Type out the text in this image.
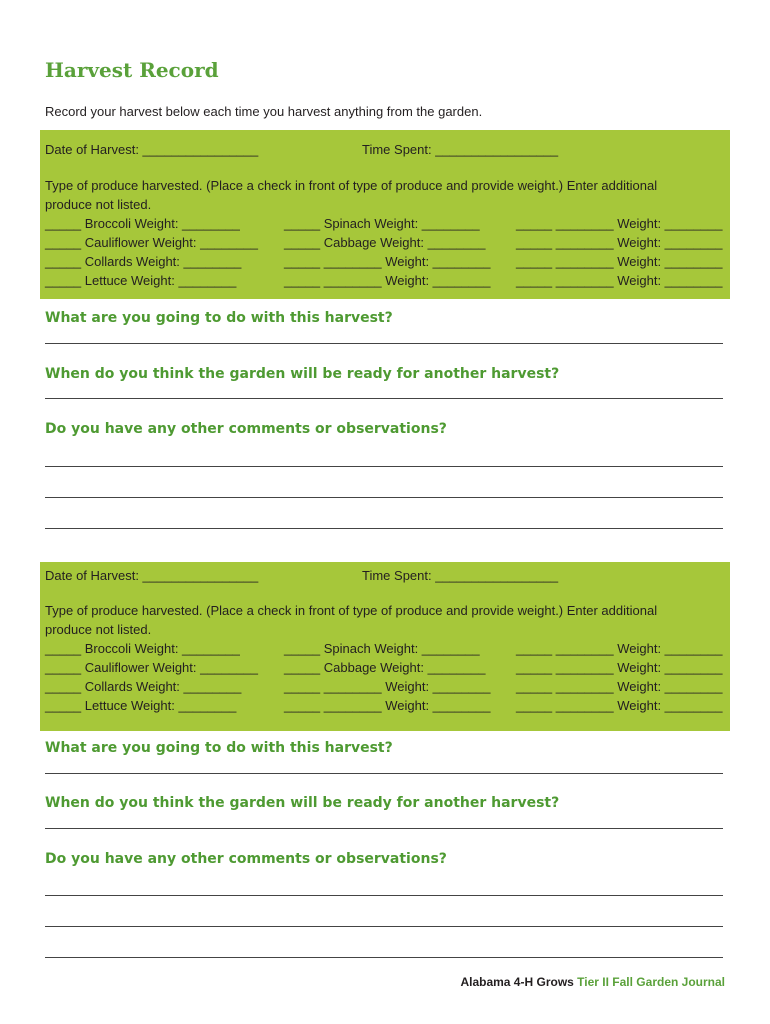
Harvest Record
Record your harvest below each time you harvest anything from the garden.
Date of Harvest: ________________	Time Spent: _________________
Type of produce harvested. (Place a check in front of type of produce and provide weight.) Enter additional
produce not listed.
_____ Broccoli Weight: ________
_____ Cauliflower Weight: ________
_____ Collards Weight: ________
_____ Lettuce Weight: ________
_____ Spinach Weight: ________
_____ Cabbage Weight: ________
_____ ________ Weight: ________
_____ ________ Weight: ________
_____ ________ Weight: ________
_____ ________ Weight: ________
_____ ________ Weight: ________
_____ ________ Weight: ________
What are you going to do with this harvest?
When do you think the garden will be ready for another harvest?
Do you have any other comments or observations?
Date of Harvest: ________________	Time Spent: _________________
Type of produce harvested. (Place a check in front of type of produce and provide weight.) Enter additional
produce not listed.
_____ Broccoli Weight: ________
_____ Cauliflower Weight: ________
_____ Collards Weight: ________
_____ Lettuce Weight: ________
_____ Spinach Weight: ________
_____ Cabbage Weight: ________
_____ ________ Weight: ________
_____ ________ Weight: ________
_____ ________ Weight: ________
_____ ________ Weight: ________
_____ ________ Weight: ________
_____ ________ Weight: ________
What are you going to do with this harvest?
When do you think the garden will be ready for another harvest?
Do you have any other comments or observations?
Alabama 4-H Grows Tier II Fall Garden Journal
